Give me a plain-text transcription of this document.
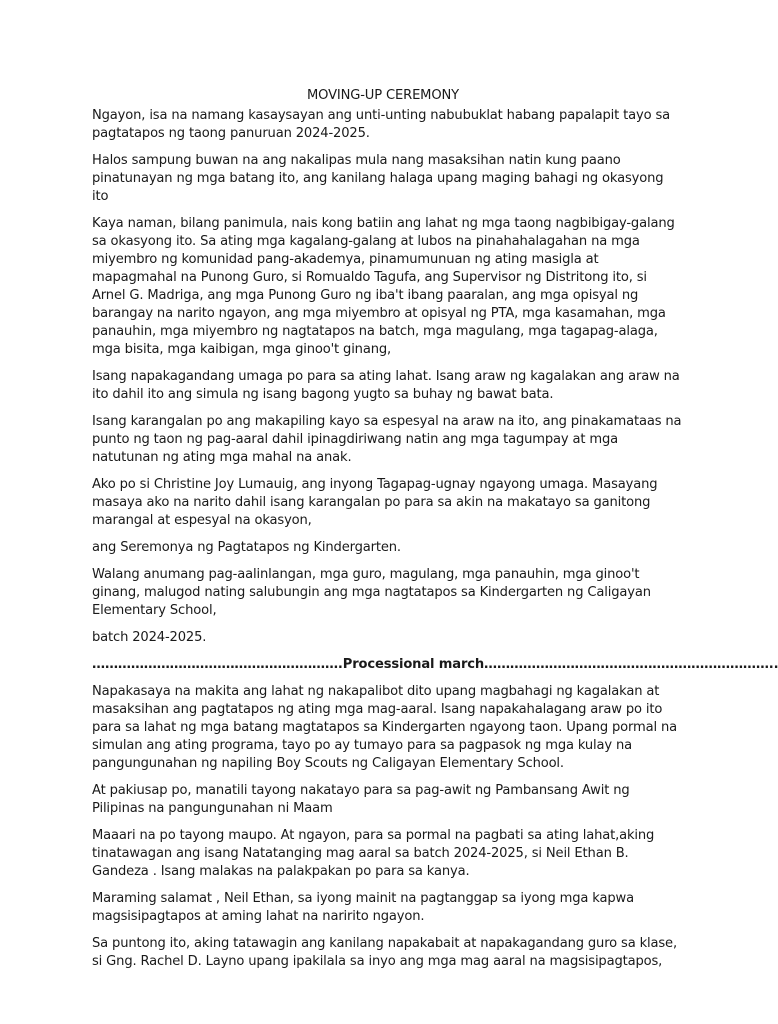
MOVING-UP CEREMONY

Ngayon, isa na namang kasaysayan ang unti-unting nabubuklat habang papalapit tayo sa pagtatapos ng taong panuruan 2024-2025.

Halos sampung buwan na ang nakalipas mula nang masaksihan natin kung paano pinatunayan ng mga batang ito, ang kanilang halaga upang maging bahagi ng okasyong ito

Kaya naman, bilang panimula, nais kong batiin ang lahat ng mga taong nagbibigay-galang sa okasyong ito. Sa ating mga kagalang-galang at lubos na pinahahalagahan na mga miyembro ng komunidad pang-akademya, pinamumunuan ng ating masigla at mapagmahal na Punong Guro, si Romualdo Tagufa, ang Supervisor ng Distritong ito, si Arnel G. Madriga, ang mga Punong Guro ng iba't ibang paaralan, ang mga opisyal ng barangay na narito ngayon, ang mga miyembro at opisyal ng PTA, mga kasamahan, mga panauhin, mga miyembro ng nagtatapos na batch, mga magulang, mga tagapag-alaga, mga bisita, mga kaibigan, mga ginoo't ginang,

Isang napakagandang umaga po para sa ating lahat. Isang araw ng kagalakan ang araw na ito dahil ito ang simula ng isang bagong yugto sa buhay ng bawat bata.

Isang karangalan po ang makapiling kayo sa espesyal na araw na ito, ang pinakamataas na punto ng taon ng pag-aaral dahil ipinagdiriwang natin ang mga tagumpay at mga natutunan ng ating mga mahal na anak.

Ako po si Christine Joy Lumauig, ang inyong Tagapag-ugnay ngayong umaga. Masayang masaya ako na narito dahil isang karangalan po para sa akin na makatayo sa ganitong marangal at espesyal na okasyon,

ang Seremonya ng Pagtatapos ng Kindergarten.

Walang anumang pag-aalinlangan, mga guro, magulang, mga panauhin, mga ginoo't ginang, malugod nating salubungin ang mga nagtatapos sa Kindergarten ng Caligayan Elementary School,

batch 2024-2025.

………………………………………………….Processional march…………………………………………………………..

Napakasaya na makita ang lahat ng nakapalibot dito upang magbahagi ng kagalakan at masaksihan ang pagtatapos ng ating mga mag-aaral. Isang napakahalagang araw po ito para sa lahat ng mga batang magtatapos sa Kindergarten ngayong taon. Upang pormal na simulan ang ating programa, tayo po ay tumayo para sa pagpasok ng mga kulay na pangungunahan ng napiling Boy Scouts ng Caligayan Elementary School.

At pakiusap po, manatili tayong nakatayo para sa pag-awit ng Pambansang Awit ng Pilipinas na pangungunahan ni Maam

Maaari na po tayong maupo. At ngayon, para sa pormal na pagbati sa ating lahat,aking tinatawagan ang isang Natatanging mag aaral sa batch 2024-2025, si Neil Ethan B. Gandeza . Isang malakas na palakpakan po para sa kanya.

Maraming salamat , Neil Ethan, sa iyong mainit na pagtanggap sa iyong mga kapwa magsisipagtapos at aming lahat na naririto ngayon.

Sa puntong ito, aking tatawagin ang kanilang napakabait at napakagandang guro sa klase, si Gng. Rachel D. Layno upang ipakilala sa inyo ang mga mag aaral na magsisipagtapos,
